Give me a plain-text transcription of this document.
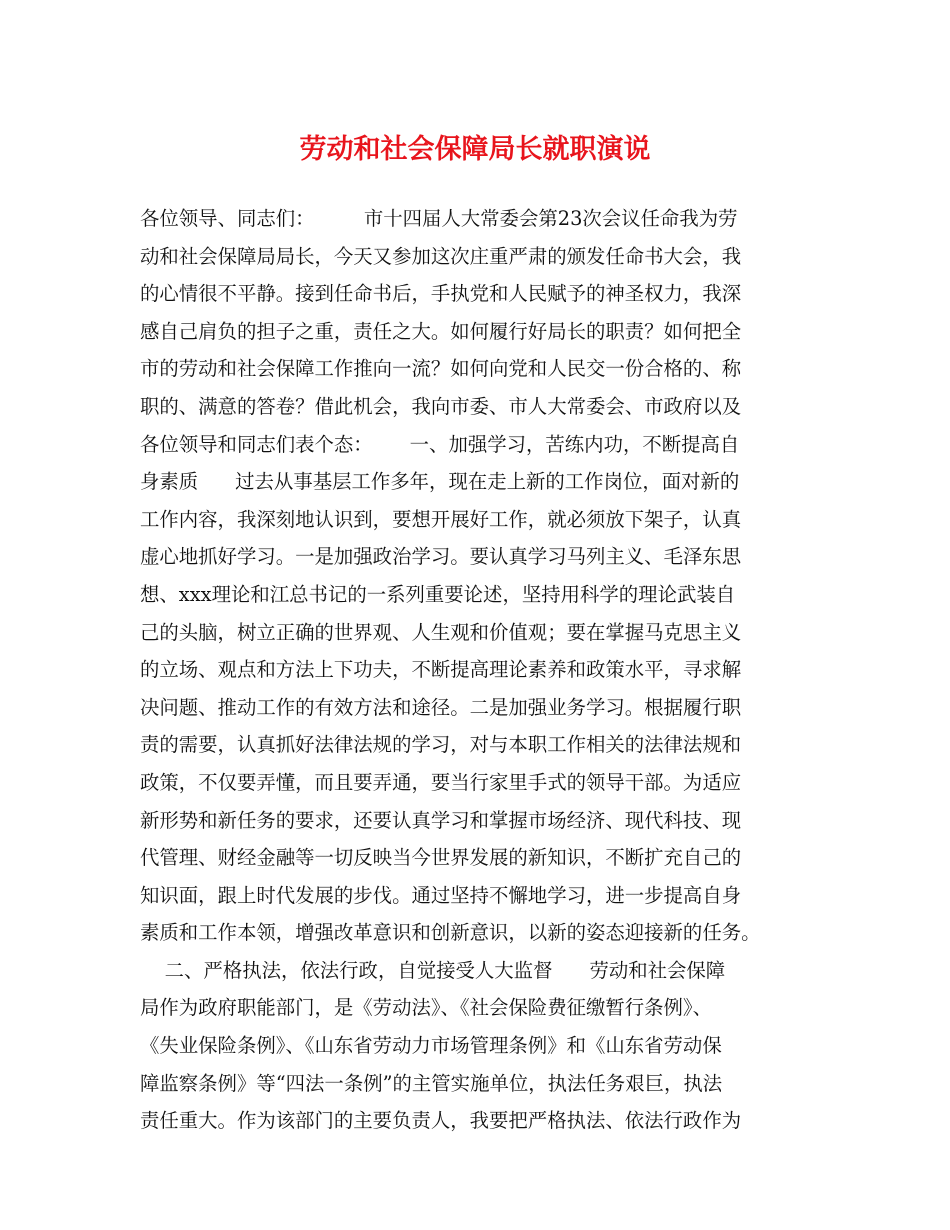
劳动和社会保障局长就职演说
各位领导、同志们：        市十四届人大常委会第23次会议任命我为劳
动和社会保障局局长，今天又参加这次庄重严肃的颁发任命书大会，我
的心情很不平静。接到任命书后，手执党和人民赋予的神圣权力，我深
感自己肩负的担子之重，责任之大。如何履行好局长的职责？如何把全
市的劳动和社会保障工作推向一流？如何向党和人民交一份合格的、称
职的、满意的答卷？借此机会，我向市委、市人大常委会、市政府以及
各位领导和同志们表个态：      一、加强学习，苦练内功，不断提高自
身素质      过去从事基层工作多年，现在走上新的工作岗位，面对新的
工作内容，我深刻地认识到，要想开展好工作，就必须放下架子，认真
虚心地抓好学习。一是加强政治学习。要认真学习马列主义、毛泽东思
想、xxx理论和江总书记的一系列重要论述，坚持用科学的理论武装自
己的头脑，树立正确的世界观、人生观和价值观；要在掌握马克思主义
的立场、观点和方法上下功夫，不断提高理论素养和政策水平，寻求解
决问题、推动工作的有效方法和途径。二是加强业务学习。根据履行职
责的需要，认真抓好法律法规的学习，对与本职工作相关的法律法规和
政策，不仅要弄懂，而且要弄通，要当行家里手式的领导干部。为适应
新形势和新任务的要求，还要认真学习和掌握市场经济、现代科技、现
代管理、财经金融等一切反映当今世界发展的新知识，不断扩充自己的
知识面，跟上时代发展的步伐。通过坚持不懈地学习，进一步提高自身
素质和工作本领，增强改革意识和创新意识，以新的姿态迎接新的任务。
二、严格执法，依法行政，自觉接受人大监督      劳动和社会保障
局作为政府职能部门，是《劳动法》、《社会保险费征缴暂行条例》、
《失业保险条例》、《山东省劳动力市场管理条例》和《山东省劳动保
障监察条例》等“四法一条例”的主管实施单位，执法任务艰巨，执法
责任重大。作为该部门的主要负责人，我要把严格执法、依法行政作为
